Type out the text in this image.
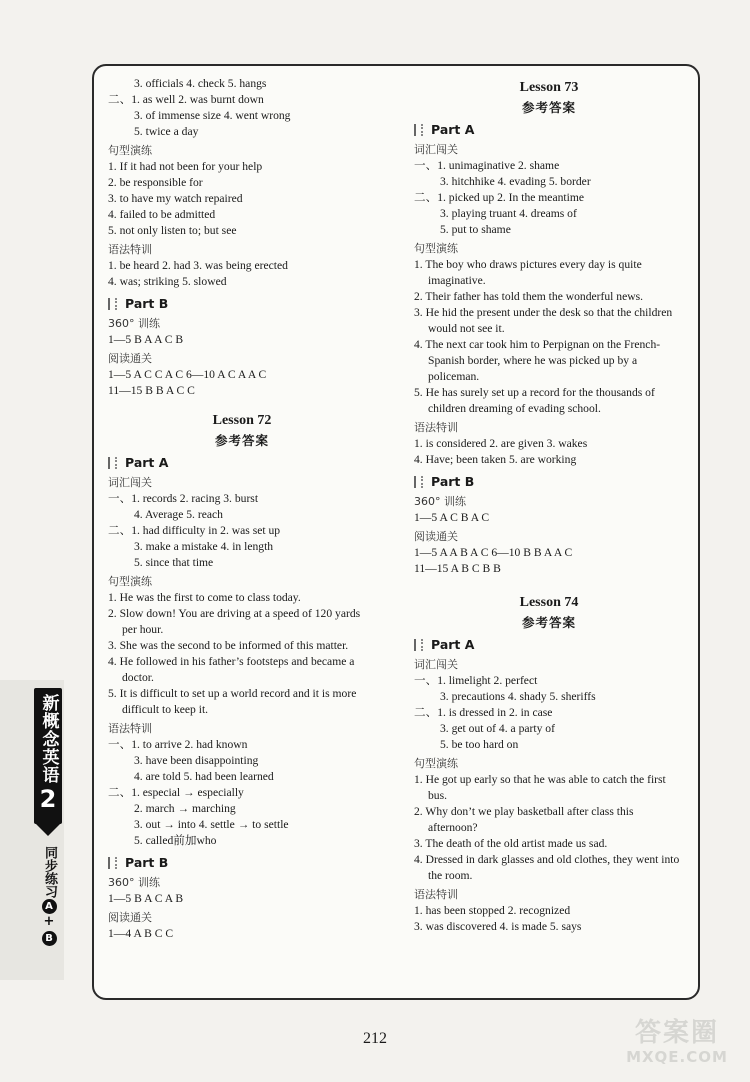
3. officials 4. check 5. hangs
二、1. as well 2. was burnt down
3. of immense size 4. went wrong
5. twice a day
句型演练
1. If it had not been for your help
2. be responsible for
3. to have my watch repaired
4. failed to be admitted
5. not only listen to; but see
语法特训
1. be heard 2. had 3. was being erected
4. was; striking 5. slowed
Part B
360° 训练
1—5 B A A C B
阅读通关
1—5 A C C A C 6—10 A C A A C
11—15 B B A C C
Lesson 72
参考答案
Part A
词汇闯关
一、1. records 2. racing 3. burst
4. Average 5. reach
二、1. had difficulty in 2. was set up
3. make a mistake 4. in length
5. since that time
句型演练
1. He was the first to come to class today.
2. Slow down! You are driving at a speed of 120 yards per hour.
3. She was the second to be informed of this matter.
4. He followed in his father’s footsteps and became a doctor.
5. It is difficult to set up a world record and it is more difficult to keep it.
语法特训
一、1. to arrive 2. had known
3. have been disappointing
4. are told 5. had been learned
二、1. especial → especially
2. march → marching
3. out → into 4. settle → to settle
5. called前加who
Part B
360° 训练
1—5 B A C A B
阅读通关
1—4 A B C C
Lesson 73
参考答案
Part A
词汇闯关
一、1. unimaginative 2. shame
3. hitchhike 4. evading 5. border
二、1. picked up 2. In the meantime
3. playing truant 4. dreams of
5. put to shame
句型演练
1. The boy who draws pictures every day is quite imaginative.
2. Their father has told them the wonderful news.
3. He hid the present under the desk so that the children would not see it.
4. The next car took him to Perpignan on the French-Spanish border, where he was picked up by a policeman.
5. He has surely set up a record for the thousands of children dreaming of evading school.
语法特训
1. is considered 2. are given 3. wakes
4. Have; been taken 5. are working
Part B
360° 训练
1—5 A C B A C
阅读通关
1—5 A A B A C 6—10 B B A A C
11—15 A B C B B
Lesson 74
参考答案
Part A
词汇闯关
一、1. limelight 2. perfect
3. precautions 4. shady 5. sheriffs
二、1. is dressed in 2. in case
3. get out of 4. a party of
5. be too hard on
句型演练
1. He got up early so that he was able to catch the first bus.
2. Why don’t we play basketball after class this afternoon?
3. The death of the old artist made us sad.
4. Dressed in dark glasses and old clothes, they went into the room.
语法特训
1. has been stopped 2. recognized
3. was discovered 4. is made 5. says
新概念英语
2
同步练习
A
+
B
212	答案圈
MXQE.COM
